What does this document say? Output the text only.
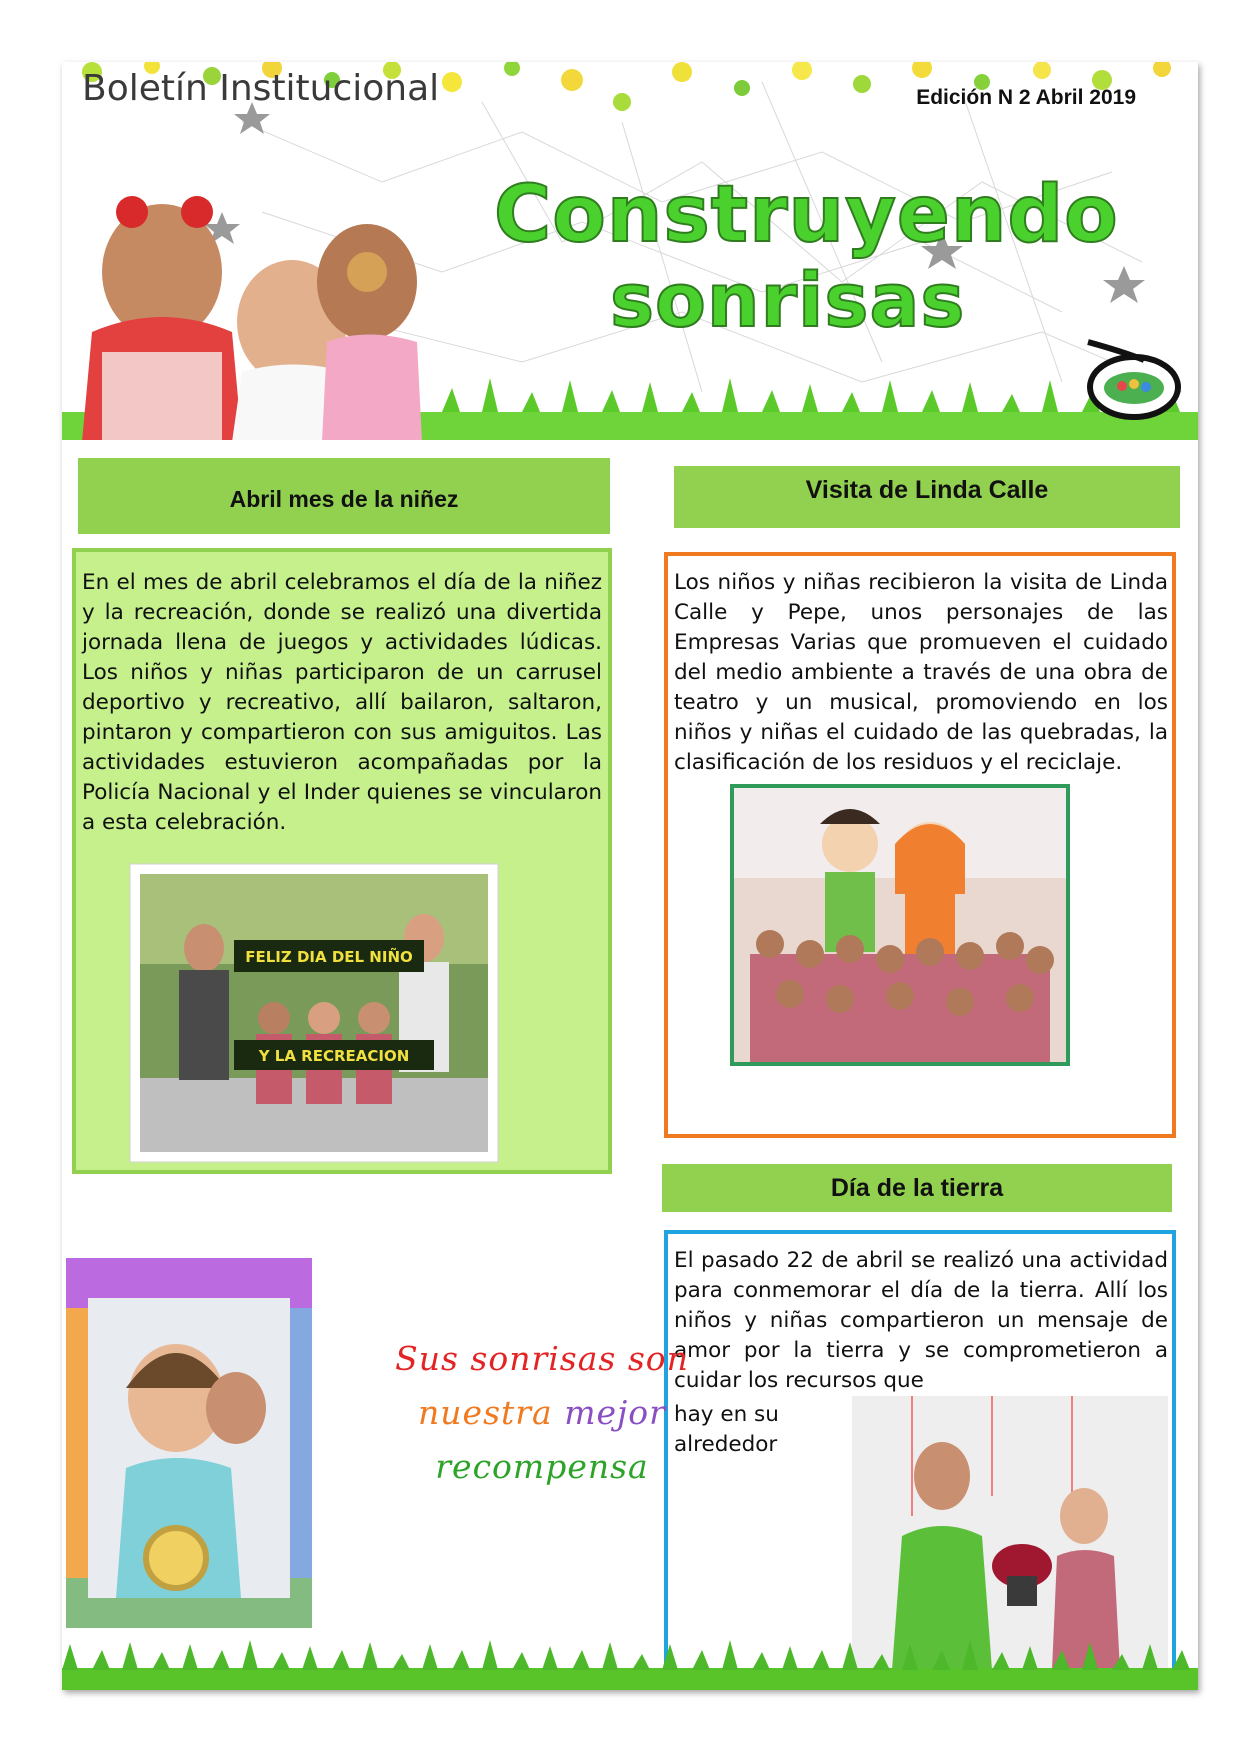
Boletín Institucional	Edición N 2 Abril 2019
Construyendo
sonrisas
Abril mes de la niñez	Visita de Linda Calle
En el mes de abril celebramos el día de la niñez y la recreación, donde se realizó una divertida jornada llena de juegos y actividades lúdicas. Los niños y niñas participaron de un carrusel deportivo y recreativo, allí bailaron, saltaron, pintaron y compartieron con sus amiguitos. Las actividades estuvieron acompañadas por la Policía Nacional y el Inder quienes se vincularon a esta celebración.
FELIZ DIA DEL NIÑO
Y LA RECREACION
Los niños y niñas recibieron la visita de Linda Calle y Pepe, unos personajes de las Empresas Varias que promueven el cuidado del medio ambiente a través de una obra de teatro y un musical, promoviendo en los niños y niñas el cuidado de las quebradas, la clasificación de los residuos y el reciclaje.
Día de la tierra
El pasado 22 de abril se realizó una actividad para conmemorar el día de la tierra. Allí los niños y niñas compartieron un mensaje de amor por la tierra y se comprometieron a cuidar los recursos que
hay en su alrededor
Sus sonrisas son
nuestra mejor
recompensa
